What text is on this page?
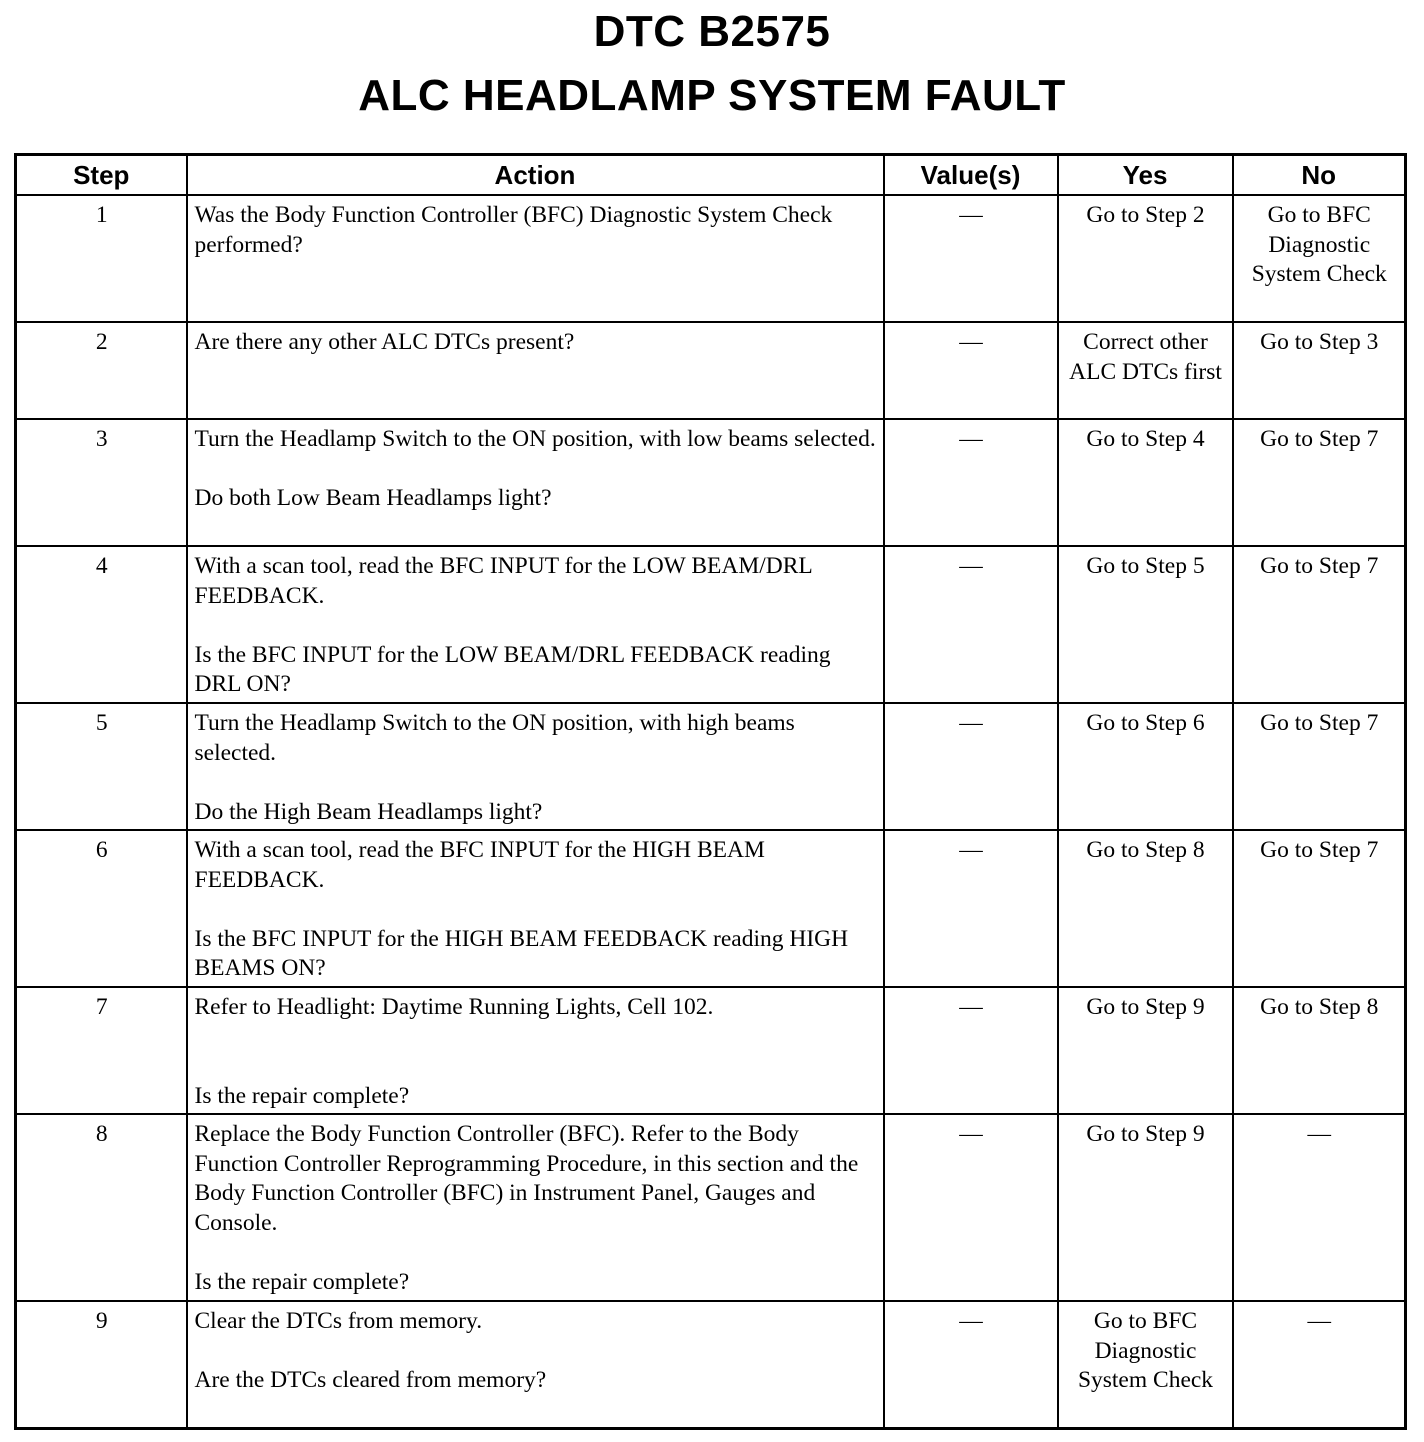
DTC B2575
ALC HEADLAMP SYSTEM FAULT
Step	Action	Value(s)	Yes	No
1	Was the Body Function Controller (BFC) Diagnostic System Check performed?	—	Go to Step 2	Go to BFC Diagnostic System Check
2	Are there any other ALC DTCs present?	—	Correct other ALC DTCs first	Go to Step 3
3	Turn the Headlamp Switch to the ON position, with low beams selected.
Do both Low Beam Headlamps light?	—	Go to Step 4	Go to Step 7
4	With a scan tool, read the BFC INPUT for the LOW BEAM/DRL FEEDBACK.
Is the BFC INPUT for the LOW BEAM/DRL FEEDBACK reading DRL ON?	—	Go to Step 5	Go to Step 7
5	Turn the Headlamp Switch to the ON position, with high beams selected.
Do the High Beam Headlamps light?	—	Go to Step 6	Go to Step 7
6	With a scan tool, read the BFC INPUT for the HIGH BEAM FEEDBACK.
Is the BFC INPUT for the HIGH BEAM FEEDBACK reading HIGH BEAMS ON?	—	Go to Step 8	Go to Step 7
7	Refer to Headlight: Daytime Running Lights, Cell 102.
Is the repair complete?	—	Go to Step 9	Go to Step 8
8	Replace the Body Function Controller (BFC). Refer to the Body Function Controller Reprogramming Procedure, in this section and the Body Function Controller (BFC) in Instrument Panel, Gauges and Console.
Is the repair complete?	—	Go to Step 9	—
9	Clear the DTCs from memory.
Are the DTCs cleared from memory?	—	Go to BFC Diagnostic System Check	—
